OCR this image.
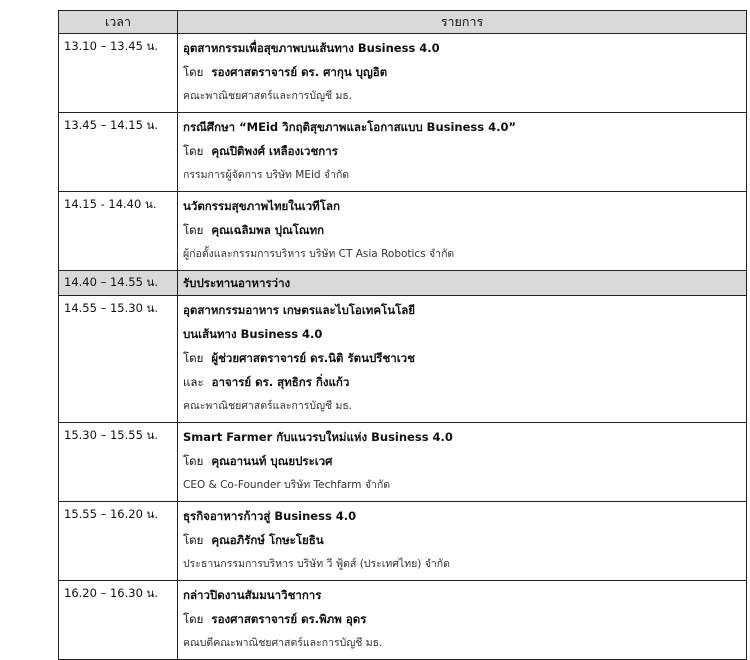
เวลา	รายการ
13.10 – 13.45 น.	อุตสาหกรรมเพื่อสุขภาพบนเส้นทาง Business 4.0
โดย รองศาสตราจารย์ ดร. ศากุน บุญอิต
คณะพาณิชยศาสตร์และการบัญชี มธ.

13.45 – 14.15 น.	กรณีศึกษา “MEid วิกฤติสุขภาพและโอกาสแบบ Business 4.0”
โดย คุณปิติพงศ์ เหลืองเวชการ
กรรมการผู้จัดการ บริษัท MEid จำกัด

14.15 - 14.40 น.	นวัตกรรมสุขภาพไทยในเวทีโลก
โดย คุณเฉลิมพล ปุณโณทก
ผู้ก่อตั้งและกรรมการบริหาร บริษัท CT Asia Robotics จำกัด

14.40 – 14.55 น.	รับประทานอาหารว่าง

14.55 – 15.30 น.	อุตสาหกรรมอาหาร เกษตรและไบโอเทคโนโลยี
บนเส้นทาง Business 4.0
โดย ผู้ช่วยศาสตราจารย์ ดร.นิติ รัตนปรีชาเวช
และ อาจารย์ ดร. สุทธิกร กิ่งแก้ว
คณะพาณิชยศาสตร์และการบัญชี มธ.

15.30 – 15.55 น.	Smart Farmer กับแนวรบใหม่แห่ง Business 4.0
โดย คุณอานนท์ บุณยประเวศ
CEO & Co-Founder บริษัท Techfarm จำกัด

15.55 – 16.20 น.	ธุรกิจอาหารก้าวสู่ Business 4.0
โดย คุณอภิรักษ์ โกษะโยธิน
ประธานกรรมการบริหาร บริษัท วี ฟู้ดส์ (ประเทศไทย) จำกัด

16.20 – 16.30 น.	กล่าวปิดงานสัมมนาวิชาการ
โดย รองศาสตราจารย์ ดร.พิภพ อุดร
คณบดีคณะพาณิชยศาสตร์และการบัญชี มธ.
